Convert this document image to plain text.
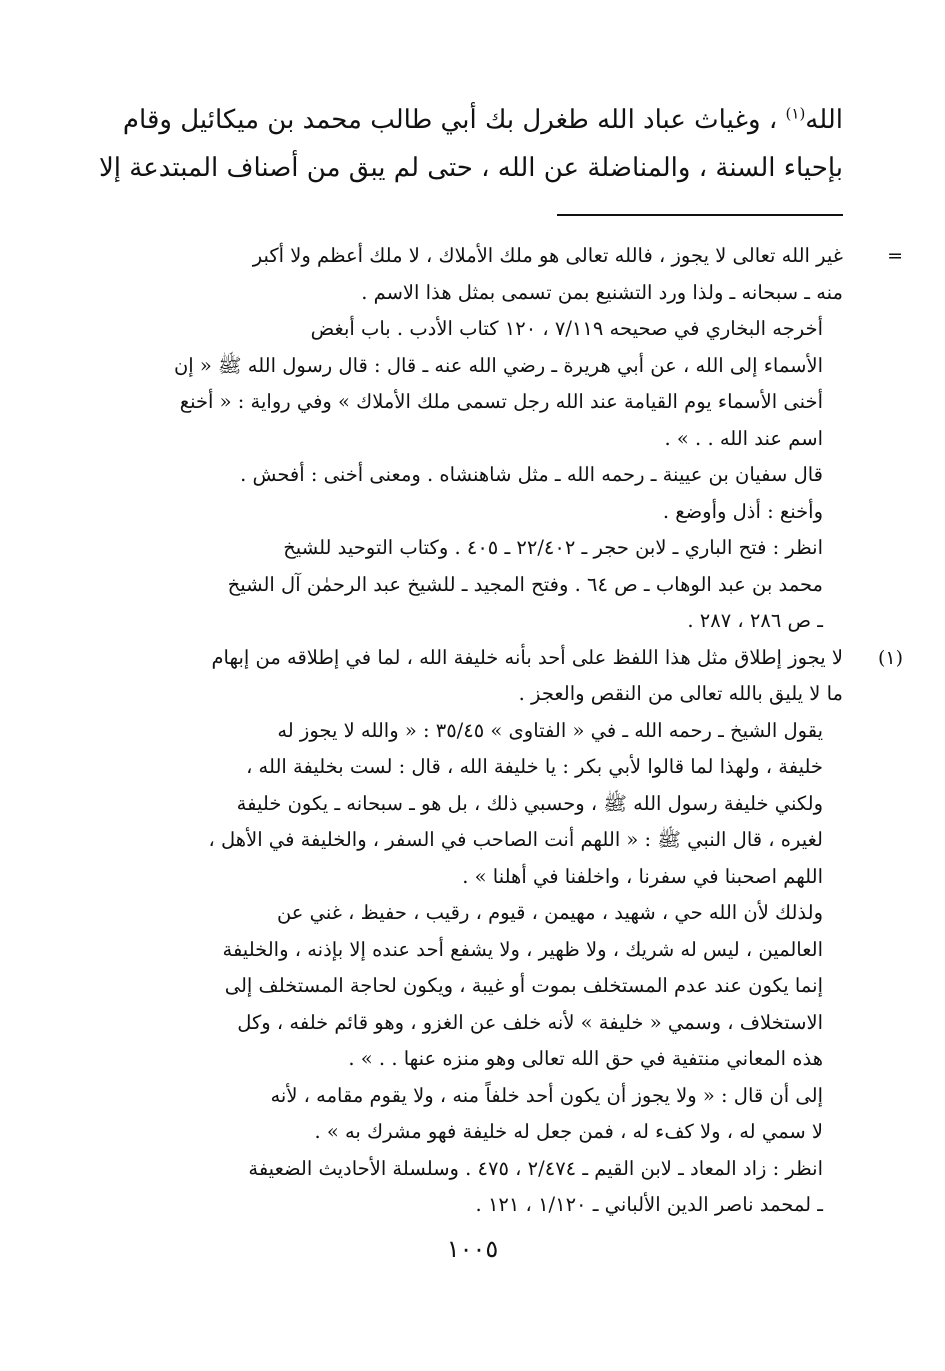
الله$^{(١)}$ ، وغياث عباد الله طغرل بك أبي طالب محمد بن ميكائيل وقام
بإحياء السنة ، والمناضلة عن الله ، حتى لم يبق من أصناف المبتدعة إلا
=

غير الله تعالى لا يجوز ، فالله تعالى هو ملك الأملاك ، لا ملك أعظم ولا أكبر
منه ـ سبحانه ـ ولذا ورد التشنيع بمن تسمى بمثل هذا الاسم .

أخرجه البخاري في صحيحه ٧/١١٩ ، ١٢٠ كتاب الأدب . باب أبغض
الأسماء إلى الله ، عن أبي هريرة ـ رضي الله عنه ـ قال : قال رسول الله ﷺ « إن
أخنى الأسماء يوم القيامة عند الله رجل تسمى ملك الأملاك » وفي رواية : « أخنع
اسم عند الله . . » .

قال سفيان بن عيينة ـ رحمه الله ـ مثل شاهنشاه . ومعنى أخنى : أفحش .
وأخنع : أذل وأوضع .

انظر : فتح الباري ـ لابن حجر ـ ٢٢/٤٠٢ ـ ٤٠٥ . وكتاب التوحيد للشيخ
محمد بن عبد الوهاب ـ ص ٦٤ . وفتح المجيد ـ للشيخ عبد الرحمٰن آل الشيخ
ـ ص ٢٨٦ ، ٢٨٧ .

(١)

لا يجوز إطلاق مثل هذا اللفظ على أحد بأنه خليفة الله ، لما في إطلاقه من إبهام
ما لا يليق بالله تعالى من النقص والعجز .

يقول الشيخ ـ رحمه الله ـ في « الفتاوى » ٣٥/٤٥ : « والله لا يجوز له
خليفة ، ولهذا لما قالوا لأبي بكر : يا خليفة الله ، قال : لست بخليفة الله ،
ولكني خليفة رسول الله ﷺ ، وحسبي ذلك ، بل هو ـ سبحانه ـ يكون خليفة
لغيره ، قال النبي ﷺ : « اللهم أنت الصاحب في السفر ، والخليفة في الأهل ،
اللهم اصحبنا في سفرنا ، واخلفنا في أهلنا » .

ولذلك لأن الله حي ، شهيد ، مهيمن ، قيوم ، رقيب ، حفيظ ، غني عن
العالمين ، ليس له شريك ، ولا ظهير ، ولا يشفع أحد عنده إلا بإذنه ، والخليفة
إنما يكون عند عدم المستخلف بموت أو غيبة ، ويكون لحاجة المستخلف إلى
الاستخلاف ، وسمي « خليفة » لأنه خلف عن الغزو ، وهو قائم خلفه ، وكل
هذه المعاني منتفية في حق الله تعالى وهو منزه عنها . . » .

إلى أن قال : « ولا يجوز أن يكون أحد خلفاً منه ، ولا يقوم مقامه ، لأنه
لا سمي له ، ولا كفء له ، فمن جعل له خليفة فهو مشرك به » .

انظر : زاد المعاد ـ لابن القيم ـ ٢/٤٧٤ ، ٤٧٥ . وسلسلة الأحاديث الضعيفة
ـ لمحمد ناصر الدين الألباني ـ ١/١٢٠ ، ١٢١ .

١٠٠٥
